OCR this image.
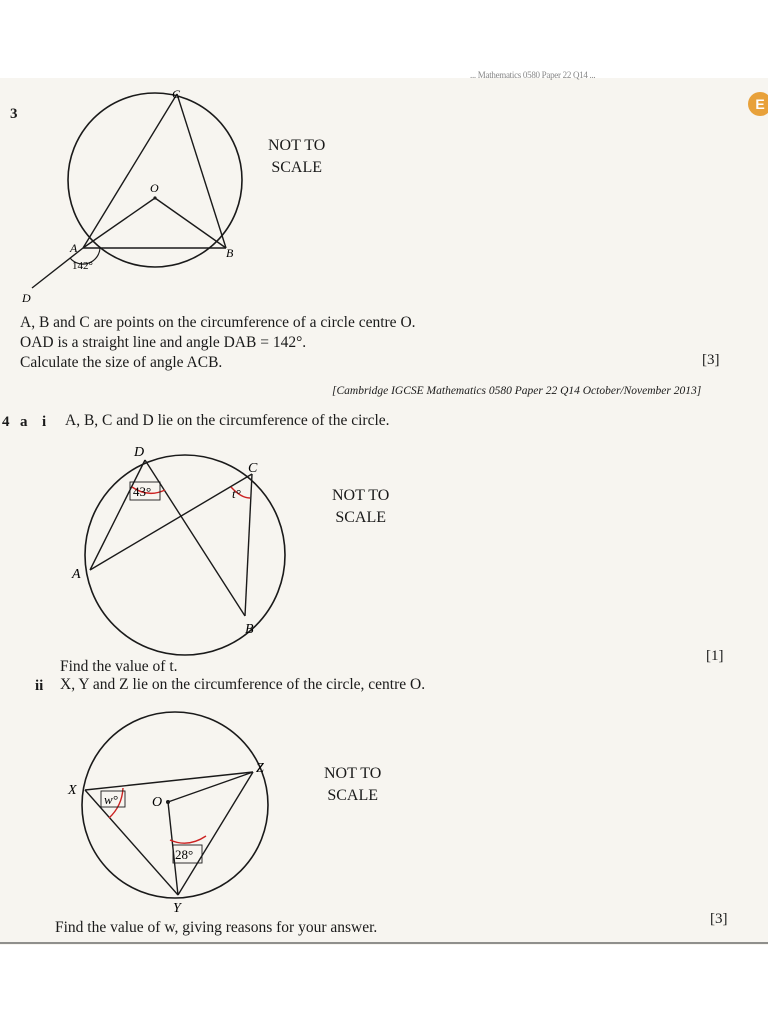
... Mathematics 0580 Paper 22 Q14 ...
E
3
C
O
A	B
142°
D
NOT TO
SCALE
A, B and C are points on the circumference of a circle centre O.
OAD is a straight line and angle DAB = 142°.
Calculate the size of angle ACB.	[3]
[Cambridge IGCSE Mathematics 0580 Paper 22 Q14 October/November 2013]
4 a i A, B, C and D lie on the circumference of the circle.
D
C
A
B
43°	t°	NOT TO
SCALE
Find the value of t.
[1]
ii X, Y and Z lie on the circumference of the circle, centre O.
X
Z
O
Y
w°
28°
NOT TO
SCALE
Find the value of w, giving reasons for your answer.	[3]
